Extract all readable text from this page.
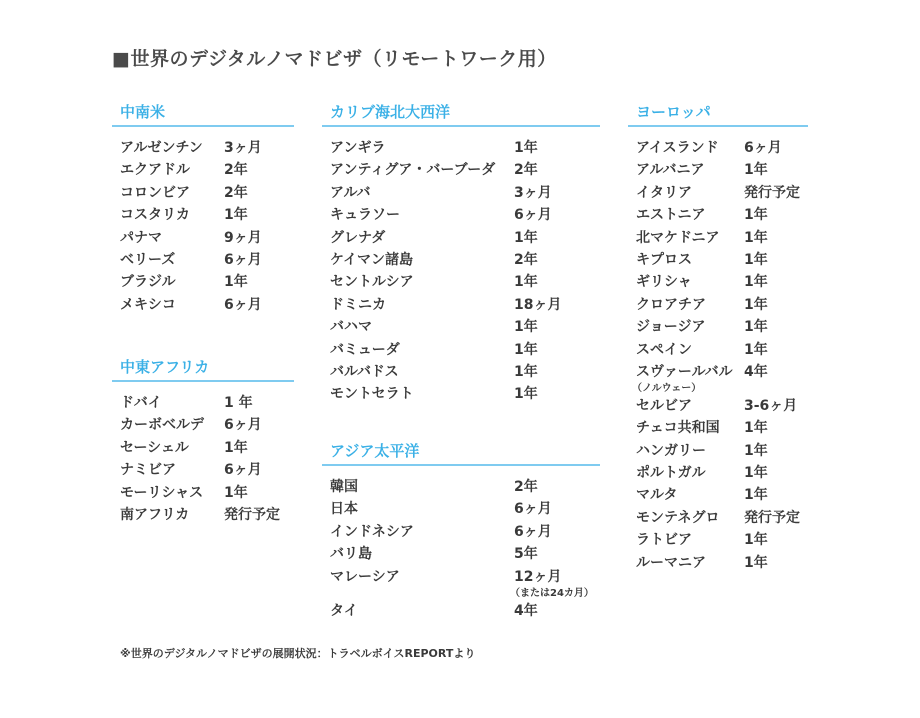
■世界のデジタルノマドビザ（リモートワーク用）
中南米
アルゼンチン 3ヶ月
エクアドル 2年
コロンビア 2年
コスタリカ 1年
パナマ	9ヶ月
ベリーズ	6ヶ月
ブラジル	1年
メキシコ	6ヶ月
中東アフリカ
ドバイ	1 年
カーボベルデ 6ヶ月
セーシェル	1年
ナミビア	6ヶ月
モーリシャス 1年
南アフリカ 発行予定
カリブ海北大西洋
アンギラ	1年
アンティグア・バーブーダ 2年
アルバ	3ヶ月
キュラソー	6ヶ月
グレナダ	1年
ケイマン諸島	2年
セントルシア	1年
ドミニカ	18ヶ月
バハマ	1年
バミューダ	1年
バルバドス	1年
モントセラト	1年
アジア太平洋
韓国	2年
日本	6ヶ月
インドネシア	6ヶ月
バリ島	5年
マレーシア	12ヶ月
（または24カ月）
タイ	4年
ヨーロッパ
アイスランド 6ヶ月
アルバニア	1年
イタリア	発行予定
エストニア	1年
北マケドニア 1年
キプロス	1年
ギリシャ	1年
クロアチア	1年
ジョージア	1年
スペイン	1年
スヴァールバル 4年
（ノルウェー）
セルビア	3-6ヶ月
チェコ共和国 1年
ハンガリー	1年
ポルトガル	1年
マルタ	1年
モンテネグロ 発行予定
ラトビア	1年
ルーマニア	1年
※世界のデジタルノマドビザの展開状況：トラベルボイスREPORTより
